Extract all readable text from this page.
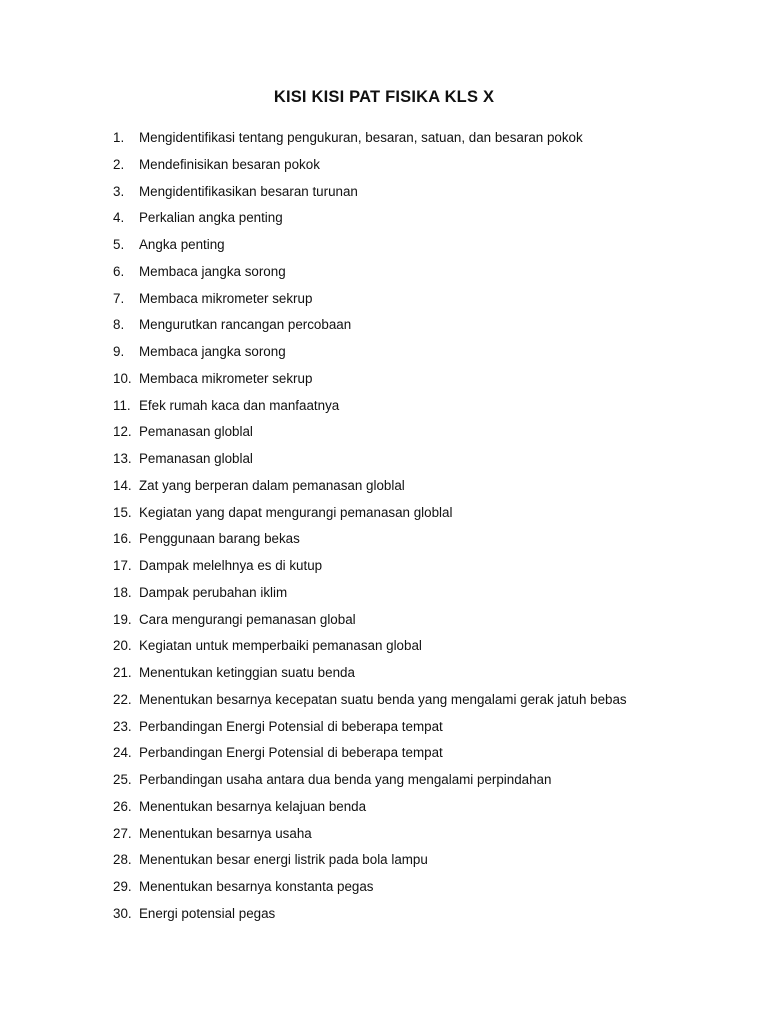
KISI KISI PAT FISIKA KLS X
1.	Mengidentifikasi tentang pengukuran, besaran, satuan, dan besaran pokok
2.	Mendefinisikan besaran pokok
3.	Mengidentifikasikan besaran turunan
4.	Perkalian angka penting
5.	Angka penting
6.	Membaca jangka sorong
7.	Membaca mikrometer sekrup
8.	Mengurutkan rancangan percobaan
9.	Membaca jangka sorong
10. Membaca mikrometer sekrup
11. Efek rumah kaca dan manfaatnya
12. Pemanasan globlal
13. Pemanasan globlal
14. Zat yang berperan dalam pemanasan globlal
15. Kegiatan yang dapat mengurangi pemanasan globlal
16. Penggunaan barang bekas
17. Dampak melelhnya es di kutup
18. Dampak perubahan iklim
19. Cara mengurangi pemanasan global
20. Kegiatan untuk memperbaiki pemanasan global
21. Menentukan ketinggian suatu benda
22. Menentukan besarnya kecepatan suatu benda yang mengalami gerak jatuh bebas
23. Perbandingan Energi Potensial di beberapa tempat
24. Perbandingan Energi Potensial di beberapa tempat
25. Perbandingan usaha antara dua benda yang mengalami perpindahan
26. Menentukan besarnya kelajuan benda
27. Menentukan besarnya usaha
28. Menentukan besar energi listrik pada bola lampu
29. Menentukan besarnya konstanta pegas
30. Energi potensial pegas
